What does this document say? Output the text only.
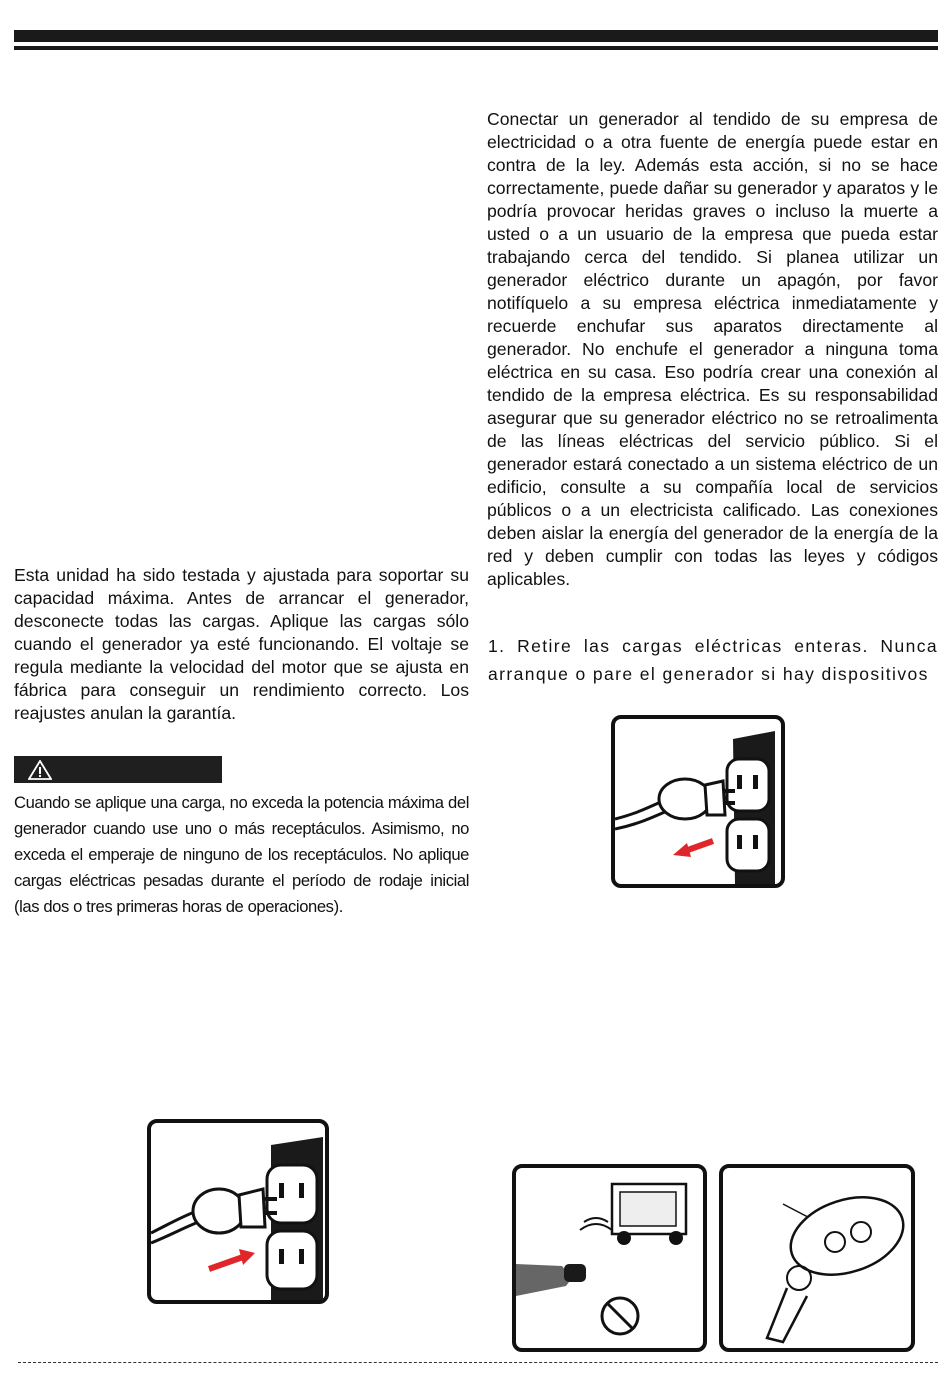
Conectar un generador al tendido de su empresa de electricidad o a otra fuente de energía puede estar en contra de la ley. Además esta acción, si no se hace correctamente, puede dañar su generador y aparatos y le podría provocar heridas graves o incluso la muerte a usted o a un usuario de la empresa que pueda estar trabajando cerca del tendido. Si planea utilizar un generador eléctrico durante un apagón, por favor notifíquelo a su empresa eléctrica inmediatamente y recuerde enchufar sus aparatos directamente al generador. No enchufe el generador a ninguna toma eléctrica en su casa. Eso podría crear una conexión al tendido de la empresa eléctrica. Es su responsabilidad asegurar que su generador eléctrico no se retroalimenta de las líneas eléctricas del servicio público. Si el generador estará conectado a un sistema eléctrico de un edificio, consulte a su compañía local de servicios públicos o a un electricista calificado. Las conexiones deben aislar la energía del generador de la energía de la red y deben cumplir con todas las leyes y códigos aplicables.

1. Retire las cargas eléctricas enteras. Nunca arranque o pare el generador si hay dispositivos

Esta unidad ha sido testada y ajustada para soportar su capacidad máxima. Antes de arrancar el generador, desconecte todas las cargas. Aplique las cargas sólo cuando el generador ya esté funcionando. El voltaje se regula mediante la velocidad del motor que se ajusta en fábrica para conseguir un rendimiento correcto. Los reajustes anulan la garantía.

Cuando se aplique una carga, no exceda la potencia máxima del generador cuando use uno o más receptáculos. Asimismo, no exceda el emperaje de ninguno de los receptáculos. No aplique cargas eléctricas pesadas durante el período de rodaje inicial (las dos o tres primeras horas de operaciones).
